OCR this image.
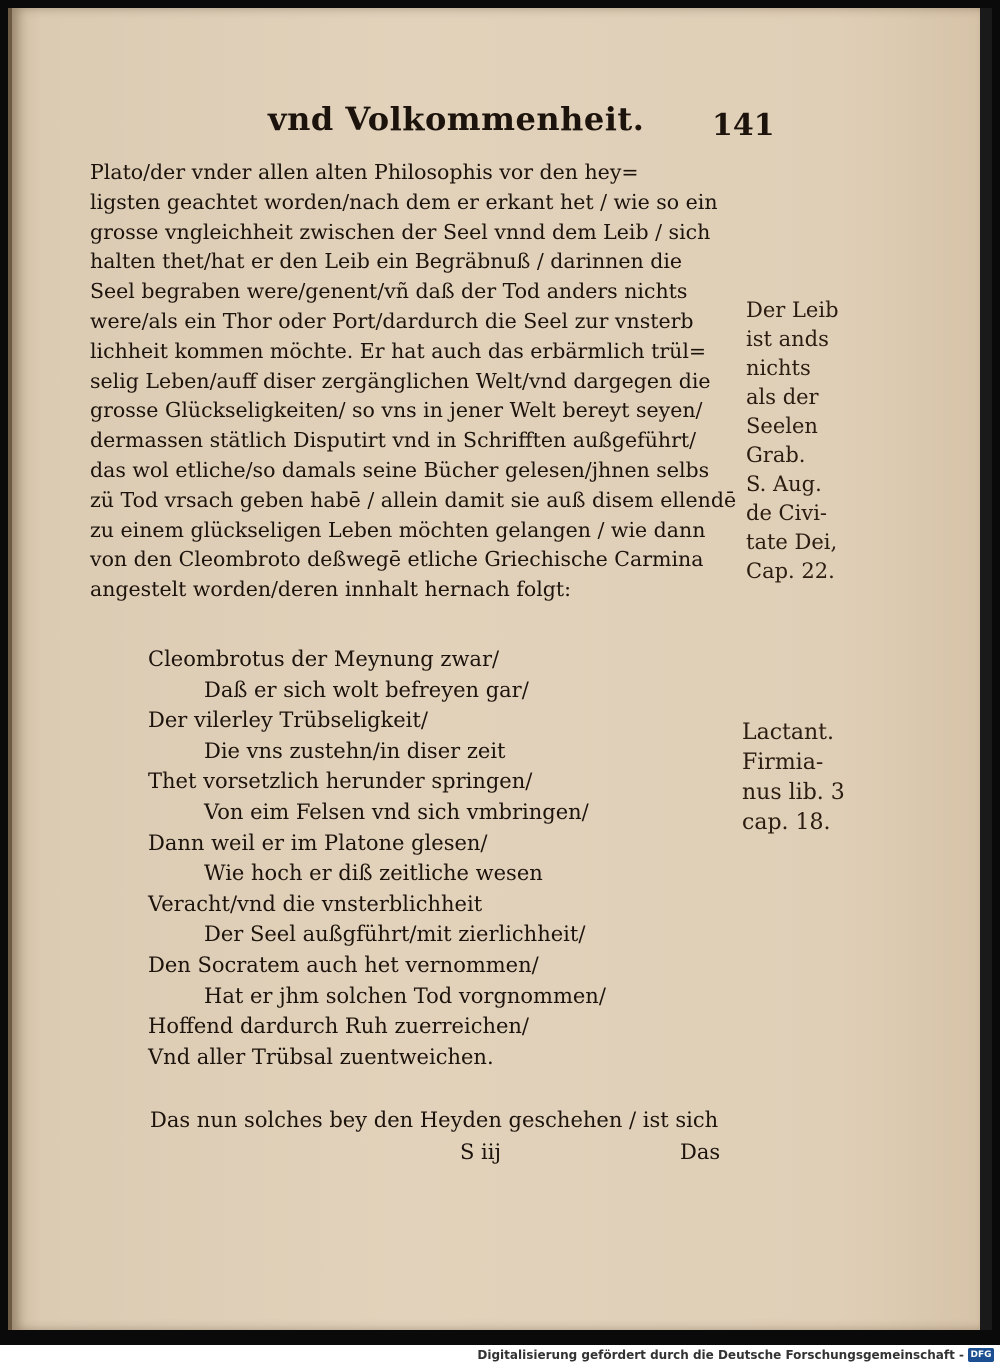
vnd Volkommenheit. 141
Plato/der vnder allen alten Philosophis vor den hey=
ligsten geachtet worden/nach dem er erkant het / wie so ein
grosse vngleichheit zwischen der Seel vnnd dem Leib / sich
halten thet/hat er den Leib ein Begräbnuß / darinnen die
Seel begraben were/genent/vñ daß der Tod anders nichts
were/als ein Thor oder Port/dardurch die Seel zur vnsterb
lichheit kommen möchte. Er hat auch das erbärmlich trül=
selig Leben/auff diser zergänglichen Welt/vnd dargegen die
grosse Glückseligkeiten/ so vns in jener Welt bereyt seyen/
dermassen stätlich Disputirt vnd in Schrifften außgeführt/
das wol etliche/so damals seine Bücher gelesen/jhnen selbs
zü Tod vrsach geben habē / allein damit sie auß disem ellendē
zu einem glückseligen Leben möchten gelangen / wie dann
von den Cleombroto deßwegē etliche Griechische Carmina
angestelt worden/deren innhalt hernach folgt:
Der Leib
ist ands
nichts
als der
Seelen
Grab.
S. Aug.
de Civi-
tate Dei,
Cap. 22.
Cleombrotus der Meynung zwar/
Daß er sich wolt befreyen gar/
Der vilerley Trübseligkeit/
Die vns zustehn/in diser zeit
Thet vorsetzlich herunder springen/
Von eim Felsen vnd sich vmbringen/
Dann weil er im Platone glesen/
Wie hoch er diß zeitliche wesen
Veracht/vnd die vnsterblichheit
Der Seel außgführt/mit zierlichheit/
Den Socratem auch het vernommen/
Hat er jhm solchen Tod vorgnommen/
Hoffend dardurch Ruh zuerreichen/
Vnd aller Trübsal zuentweichen.
Lactant.
Firmia-
nus lib. 3
cap. 18.
Das nun solches bey den Heyden geschehen / ist sich
S iij	Das
Digitalisierung gefördert durch die Deutsche Forschungsgemeinschaft - DFG
